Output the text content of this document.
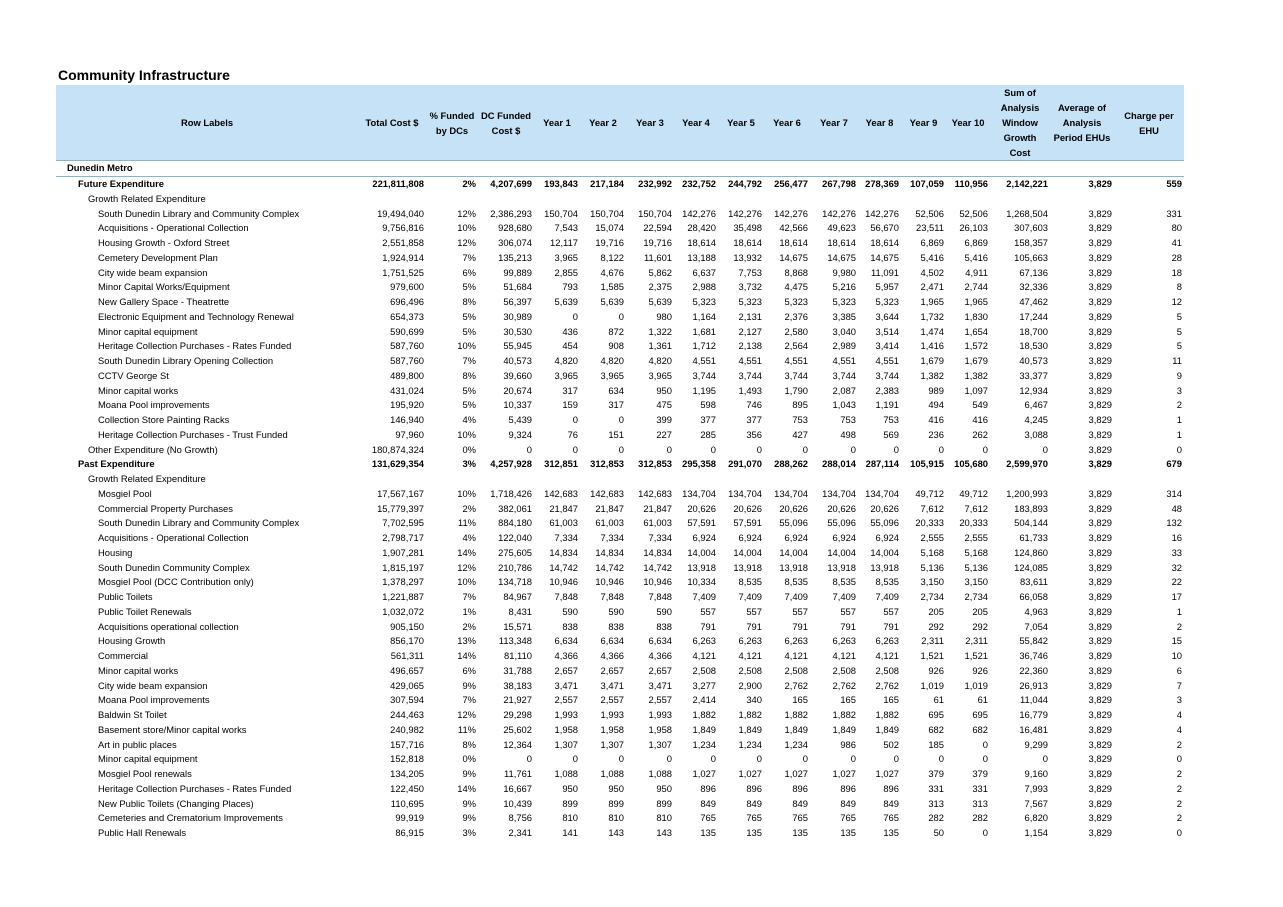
Community Infrastructure
Row Labels	Total Cost $	% Funded by DCs	DC Funded Cost $	Year 1	Year 2	Year 3	Year 4	Year 5	Year 6	Year 7	Year 8	Year 9	Year 10	Sum of Analysis Window Growth Cost	Average of Analysis Period EHUs	Charge per EHU
Dunedin Metro																
Future Expenditure	221,811,808	2%	4,207,699	193,843	217,184	232,992	232,752	244,792	256,477	267,798	278,369	107,059	110,956	2,142,221	3,829	559
Growth Related Expenditure																
South Dunedin Library and Community Complex	19,494,040	12%	2,386,293	150,704	150,704	150,704	142,276	142,276	142,276	142,276	142,276	52,506	52,506	1,268,504	3,829	331
Acquisitions - Operational Collection	9,756,816	10%	928,680	7,543	15,074	22,594	28,420	35,498	42,566	49,623	56,670	23,511	26,103	307,603	3,829	80
Housing Growth - Oxford Street	2,551,858	12%	306,074	12,117	19,716	19,716	18,614	18,614	18,614	18,614	18,614	6,869	6,869	158,357	3,829	41
Cemetery Development Plan	1,924,914	7%	135,213	3,965	8,122	11,601	13,188	13,932	14,675	14,675	14,675	5,416	5,416	105,663	3,829	28
City wide beam expansion	1,751,525	6%	99,889	2,855	4,676	5,862	6,637	7,753	8,868	9,980	11,091	4,502	4,911	67,136	3,829	18
Minor Capital Works/Equipment	979,600	5%	51,684	793	1,585	2,375	2,988	3,732	4,475	5,216	5,957	2,471	2,744	32,336	3,829	8
New Gallery Space - Theatrette	696,496	8%	56,397	5,639	5,639	5,639	5,323	5,323	5,323	5,323	5,323	1,965	1,965	47,462	3,829	12
Electronic Equipment and Technology Renewal	654,373	5%	30,989	0	0	980	1,164	2,131	2,376	3,385	3,644	1,732	1,830	17,244	3,829	5
Minor capital equipment	590,699	5%	30,530	436	872	1,322	1,681	2,127	2,580	3,040	3,514	1,474	1,654	18,700	3,829	5
Heritage Collection Purchases - Rates Funded	587,760	10%	55,945	454	908	1,361	1,712	2,138	2,564	2,989	3,414	1,416	1,572	18,530	3,829	5
South Dunedin Library Opening Collection	587,760	7%	40,573	4,820	4,820	4,820	4,551	4,551	4,551	4,551	4,551	1,679	1,679	40,573	3,829	11
CCTV George St	489,800	8%	39,660	3,965	3,965	3,965	3,744	3,744	3,744	3,744	3,744	1,382	1,382	33,377	3,829	9
Minor capital works	431,024	5%	20,674	317	634	950	1,195	1,493	1,790	2,087	2,383	989	1,097	12,934	3,829	3
Moana Pool improvements	195,920	5%	10,337	159	317	475	598	746	895	1,043	1,191	494	549	6,467	3,829	2
Collection Store Painting Racks	146,940	4%	5,439	0	0	399	377	377	753	753	753	416	416	4,245	3,829	1
Heritage Collection Purchases - Trust Funded	97,960	10%	9,324	76	151	227	285	356	427	498	569	236	262	3,088	3,829	1
Other Expenditure (No Growth)	180,874,324	0%	0	0	0	0	0	0	0	0	0	0	0	0	3,829	0
Past Expenditure	131,629,354	3%	4,257,928	312,851	312,853	312,853	295,358	291,070	288,262	288,014	287,114	105,915	105,680	2,599,970	3,829	679
Growth Related Expenditure																
Mosgiel Pool	17,567,167	10%	1,718,426	142,683	142,683	142,683	134,704	134,704	134,704	134,704	134,704	49,712	49,712	1,200,993	3,829	314
Commercial Property Purchases	15,779,397	2%	382,061	21,847	21,847	21,847	20,626	20,626	20,626	20,626	20,626	7,612	7,612	183,893	3,829	48
South Dunedin Library and Community Complex	7,702,595	11%	884,180	61,003	61,003	61,003	57,591	57,591	55,096	55,096	55,096	20,333	20,333	504,144	3,829	132
Acquisitions - Operational Collection	2,798,717	4%	122,040	7,334	7,334	7,334	6,924	6,924	6,924	6,924	6,924	2,555	2,555	61,733	3,829	16
Housing	1,907,281	14%	275,605	14,834	14,834	14,834	14,004	14,004	14,004	14,004	14,004	5,168	5,168	124,860	3,829	33
South Dunedin Community Complex	1,815,197	12%	210,786	14,742	14,742	14,742	13,918	13,918	13,918	13,918	13,918	5,136	5,136	124,085	3,829	32
Mosgiel Pool (DCC Contribution only)	1,378,297	10%	134,718	10,946	10,946	10,946	10,334	8,535	8,535	8,535	8,535	3,150	3,150	83,611	3,829	22
Public Toilets	1,221,887	7%	84,967	7,848	7,848	7,848	7,409	7,409	7,409	7,409	7,409	2,734	2,734	66,058	3,829	17
Public Toilet Renewals	1,032,072	1%	8,431	590	590	590	557	557	557	557	557	205	205	4,963	3,829	1
Acquisitions operational collection	905,150	2%	15,571	838	838	838	791	791	791	791	791	292	292	7,054	3,829	2
Housing Growth	856,170	13%	113,348	6,634	6,634	6,634	6,263	6,263	6,263	6,263	6,263	2,311	2,311	55,842	3,829	15
Commercial	561,311	14%	81,110	4,366	4,366	4,366	4,121	4,121	4,121	4,121	4,121	1,521	1,521	36,746	3,829	10
Minor capital works	496,657	6%	31,788	2,657	2,657	2,657	2,508	2,508	2,508	2,508	2,508	926	926	22,360	3,829	6
City wide beam expansion	429,065	9%	38,183	3,471	3,471	3,471	3,277	2,900	2,762	2,762	2,762	1,019	1,019	26,913	3,829	7
Moana Pool improvements	307,594	7%	21,927	2,557	2,557	2,557	2,414	340	165	165	165	61	61	11,044	3,829	3
Baldwin St Toilet	244,463	12%	29,298	1,993	1,993	1,993	1,882	1,882	1,882	1,882	1,882	695	695	16,779	3,829	4
Basement store/Minor capital works	240,982	11%	25,602	1,958	1,958	1,958	1,849	1,849	1,849	1,849	1,849	682	682	16,481	3,829	4
Art in public places	157,716	8%	12,364	1,307	1,307	1,307	1,234	1,234	1,234	986	502	185	0	9,299	3,829	2
Minor capital equipment	152,818	0%	0	0	0	0	0	0	0	0	0	0	0	0	3,829	0
Mosgiel Pool renewals	134,205	9%	11,761	1,088	1,088	1,088	1,027	1,027	1,027	1,027	1,027	379	379	9,160	3,829	2
Heritage Collection Purchases - Rates Funded	122,450	14%	16,667	950	950	950	896	896	896	896	896	331	331	7,993	3,829	2
New Public Toilets (Changing Places)	110,695	9%	10,439	899	899	899	849	849	849	849	849	313	313	7,567	3,829	2
Cemeteries and Crematorium Improvements	99,919	9%	8,756	810	810	810	765	765	765	765	765	282	282	6,820	3,829	2
Public Hall Renewals	86,915	3%	2,341	141	143	143	135	135	135	135	135	50	0	1,154	3,829	0
